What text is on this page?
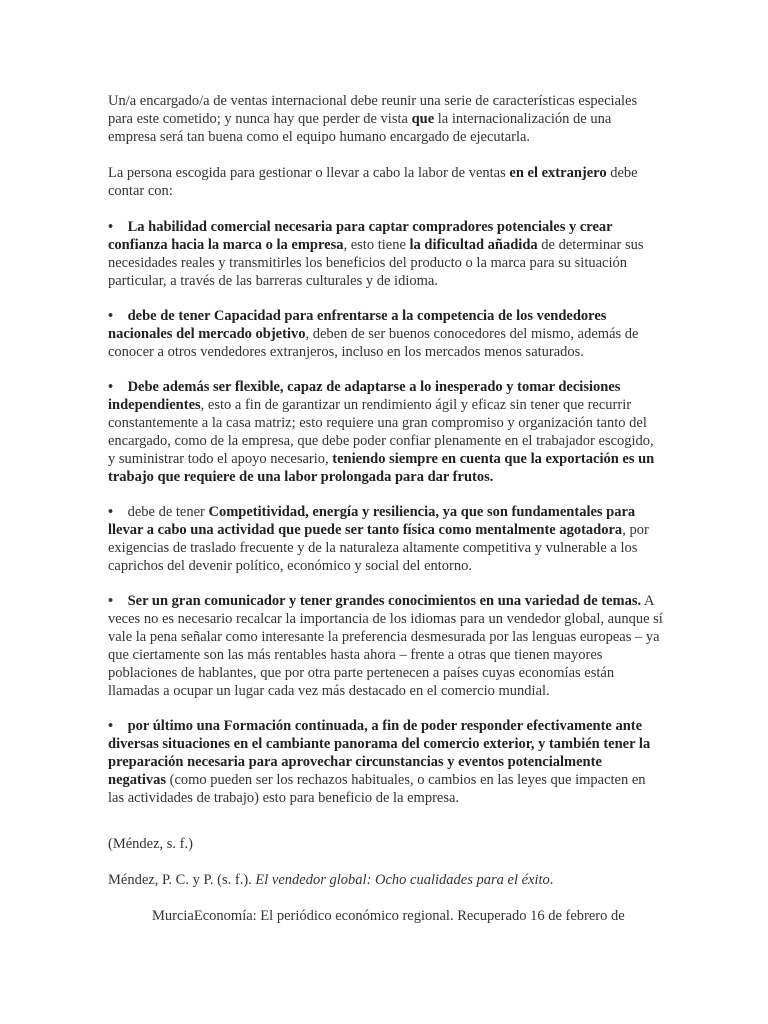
Un/a encargado/a de ventas internacional debe reunir una serie de características especiales para este cometido; y nunca hay que perder de vista que la internacionalización de una empresa será tan buena como el equipo humano encargado de ejecutarla.

La persona escogida para gestionar o llevar a cabo la labor de ventas en el extranjero debe contar con:

• La habilidad comercial necesaria para captar compradores potenciales y crear confianza hacia la marca o la empresa, esto tiene la dificultad añadida de determinar sus necesidades reales y transmitirles los beneficios del producto o la marca para su situación particular, a través de las barreras culturales y de idioma.

• debe de tener Capacidad para enfrentarse a la competencia de los vendedores nacionales del mercado objetivo, deben de ser buenos conocedores del mismo, además de conocer a otros vendedores extranjeros, incluso en los mercados menos saturados.

• Debe además ser flexible, capaz de adaptarse a lo inesperado y tomar decisiones independientes, esto a fin de garantizar un rendimiento ágil y eficaz sin tener que recurrir constantemente a la casa matriz; esto requiere una gran compromiso y organización tanto del encargado, como de la empresa, que debe poder confiar plenamente en el trabajador escogido, y suministrar todo el apoyo necesario, teniendo siempre en cuenta que la exportación es un trabajo que requiere de una labor prolongada para dar frutos.

• debe de tener Competitividad, energía y resiliencia, ya que son fundamentales para llevar a cabo una actividad que puede ser tanto física como mentalmente agotadora, por exigencias de traslado frecuente y de la naturaleza altamente competitiva y vulnerable a los caprichos del devenir político, económico y social del entorno.

• Ser un gran comunicador y tener grandes conocimientos en una variedad de temas. A veces no es necesario recalcar la importancia de los idiomas para un vendedor global, aunque sí vale la pena señalar como interesante la preferencia desmesurada por las lenguas europeas – ya que ciertamente son las más rentables hasta ahora – frente a otras que tienen mayores poblaciones de hablantes, que por otra parte pertenecen a países cuyas economías están llamadas a ocupar un lugar cada vez más destacado en el comercio mundial.

• por último una Formación continuada, a fin de poder responder efectivamente ante diversas situaciones en el cambiante panorama del comercio exterior, y también tener la preparación necesaria para aprovechar circunstancias y eventos potencialmente negativas (como pueden ser los rechazos habituales, o cambios en las leyes que impacten en las actividades de trabajo) esto para beneficio de la empresa.

(Méndez, s. f.)

Méndez, P. C. y P. (s. f.). El vendedor global: Ocho cualidades para el éxito.

MurciaEconomía: El periódico económico regional. Recuperado 16 de febrero de
